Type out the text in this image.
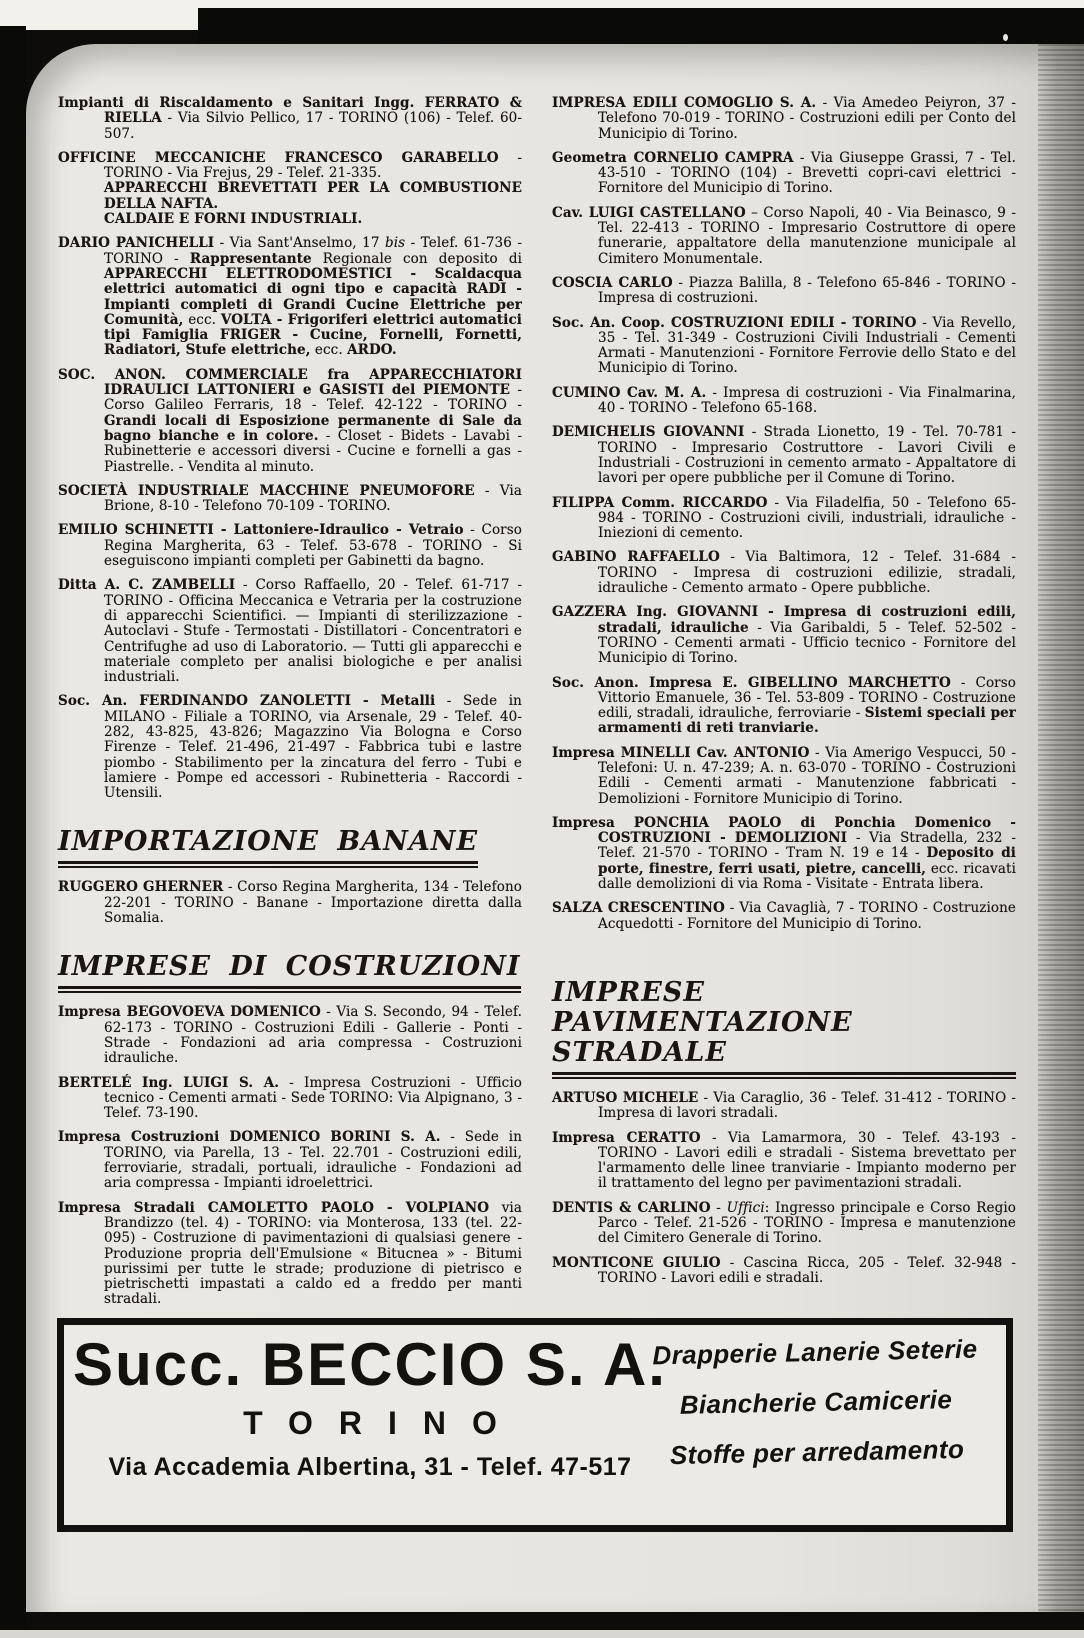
Impianti di Riscaldamento e Sanitari Ingg. FERRATO & RIELLA - Via Silvio Pellico, 17 - TORINO (106) - Telef. 60-507.

OFFICINE MECCANICHE FRANCESCO GARABELLO - TORINO - Via Frejus, 29 - Telef. 21-335.
APPARECCHI BREVETTATI PER LA COMBUSTIONE DELLA NAFTA.
CALDAIE E FORNI INDUSTRIALI.

DARIO PANICHELLI - Via Sant'Anselmo, 17 bis - Telef. 61-736 - TORINO - Rappresentante Regionale con deposito di APPARECCHI ELETTRODOMESTICI - Scaldacqua elettrici automatici di ogni tipo e capacità RADI - Impianti completi di Grandi Cucine Elettriche per Comunità, ecc. VOLTA - Frigoriferi elettrici automatici tipi Famiglia FRIGER - Cucine, Fornelli, Fornetti, Radiatori, Stufe elettriche, ecc. ARDO.

SOC. ANON. COMMERCIALE fra APPARECCHIATORI IDRAULICI LATTONIERI e GASISTI del PIEMONTE - Corso Galileo Ferraris, 18 - Telef. 42-122 - TORINO - Grandi locali di Esposizione permanente di Sale da bagno bianche e in colore. - Closet - Bidets - Lavabi - Rubinetterie e accessori diversi - Cucine e fornelli a gas - Piastrelle. - Vendita al minuto.

SOCIETÀ INDUSTRIALE MACCHINE PNEUMOFORE - Via Brione, 8-10 - Telefono 70-109 - TORINO.

EMILIO SCHINETTI - Lattoniere-Idraulico - Vetraio - Corso Regina Margherita, 63 - Telef. 53-678 - TORINO - Si eseguiscono impianti completi per Gabinetti da bagno.

Ditta A. C. ZAMBELLI - Corso Raffaello, 20 - Telef. 61-717 - TORINO - Officina Meccanica e Vetraria per la costruzione di apparecchi Scientifici. — Impianti di sterilizzazione - Autoclavi - Stufe - Termostati - Distillatori - Concentratori e Centrifughe ad uso di Laboratorio. — Tutti gli apparecchi e materiale completo per analisi biologiche e per analisi industriali.

Soc. An. FERDINANDO ZANOLETTI - Metalli - Sede in MILANO - Filiale a TORINO, via Arsenale, 29 - Telef. 40-282, 43-825, 43-826; Magazzino Via Bologna e Corso Firenze - Telef. 21-496, 21-497 - Fabbrica tubi e lastre piombo - Stabilimento per la zincatura del ferro - Tubi e lamiere - Pompe ed accessori - Rubinetteria - Raccordi - Utensili.

IMPORTAZIONE BANANE

RUGGERO GHERNER - Corso Regina Margherita, 134 - Telefono 22-201 - TORINO - Banane - Importazione diretta dalla Somalia.

IMPRESE DI COSTRUZIONI

Impresa BEGOVOEVA DOMENICO - Via S. Secondo, 94 - Telef. 62-173 - TORINO - Costruzioni Edili - Gallerie - Ponti - Strade - Fondazioni ad aria compressa - Costruzioni idrauliche.

BERTELÉ Ing. LUIGI S. A. - Impresa Costruzioni - Ufficio tecnico - Cementi armati - Sede TORINO: Via Alpignano, 3 - Telef. 73-190.

Impresa Costruzioni DOMENICO BORINI S. A. - Sede in TORINO, via Parella, 13 - Tel. 22.701 - Costruzioni edili, ferroviarie, stradali, portuali, idrauliche - Fondazioni ad aria compressa - Impianti idroelettrici.

Impresa Stradali CAMOLETTO PAOLO - VOLPIANO via Brandizzo (tel. 4) - TORINO: via Monterosa, 133 (tel. 22-095) - Costruzione di pavimentazioni di qualsiasi genere - Produzione propria dell'Emulsione « Bitucnea » - Bitumi purissimi per tutte le strade; produzione di pietrisco e pietrischetti impastati a caldo ed a freddo per manti stradali.

IMPRESA EDILI COMOGLIO S. A. - Via Amedeo Peiyron, 37 - Telefono 70-019 - TORINO - Costruzioni edili per Conto del Municipio di Torino.

Geometra CORNELIO CAMPRA - Via Giuseppe Grassi, 7 - Tel. 43-510 - TORINO (104) - Brevetti copri-cavi elettrici - Fornitore del Municipio di Torino.

Cav. LUIGI CASTELLANO – Corso Napoli, 40 - Via Beinasco, 9 - Tel. 22-413 - TORINO - Impresario Costruttore di opere funerarie, appaltatore della manutenzione municipale al Cimitero Monumentale.

COSCIA CARLO - Piazza Balilla, 8 - Telefono 65-846 - TORINO - Impresa di costruzioni.

Soc. An. Coop. COSTRUZIONI EDILI - TORINO - Via Revello, 35 - Tel. 31-349 - Costruzioni Civili Industriali - Cementi Armati - Manutenzioni - Fornitore Ferrovie dello Stato e del Municipio di Torino.

CUMINO Cav. M. A. - Impresa di costruzioni - Via Finalmarina, 40 - TORINO - Telefono 65-168.

DEMICHELIS GIOVANNI - Strada Lionetto, 19 - Tel. 70-781 - TORINO - Impresario Costruttore - Lavori Civili e Industriali - Costruzioni in cemento armato - Appaltatore di lavori per opere pubbliche per il Comune di Torino.

FILIPPA Comm. RICCARDO - Via Filadelfia, 50 - Telefono 65-984 - TORINO - Costruzioni civili, industriali, idrauliche - Iniezioni di cemento.

GABINO RAFFAELLO - Via Baltimora, 12 - Telef. 31-684 - TORINO - Impresa di costruzioni edilizie, stradali, idrauliche - Cemento armato - Opere pubbliche.

GAZZERA Ing. GIOVANNI - Impresa di costruzioni edili, stradali, idrauliche - Via Garibaldi, 5 - Telef. 52-502 - TORINO - Cementi armati - Ufficio tecnico - Fornitore del Municipio di Torino.

Soc. Anon. Impresa E. GIBELLINO MARCHETTO - Corso Vittorio Emanuele, 36 - Tel. 53-809 - TORINO - Costruzione edili, stradali, idrauliche, ferroviarie - Sistemi speciali per armamenti di reti tranviarie.

Impresa MINELLI Cav. ANTONIO - Via Amerigo Vespucci, 50 - Telefoni: U. n. 47-239; A. n. 63-070 - TORINO - Costruzioni Edili - Cementi armati - Manutenzione fabbricati - Demolizioni - Fornitore Municipio di Torino.

Impresa PONCHIA PAOLO di Ponchia Domenico - COSTRUZIONI - DEMOLIZIONI - Via Stradella, 232 - Telef. 21-570 - TORINO - Tram N. 19 e 14 - Deposito di porte, finestre, ferri usati, pietre, cancelli, ecc. ricavati dalle demolizioni di via Roma - Visitate - Entrata libera.

SALZA CRESCENTINO - Via Cavaglià, 7 - TORINO - Costruzione Acquedotti - Fornitore del Municipio di Torino.

IMPRESE PAVIMENTAZIONE STRADALE

ARTUSO MICHELE - Via Caraglio, 36 - Telef. 31-412 - TORINO - Impresa di lavori stradali.

Impresa CERATTO - Via Lamarmora, 30 - Telef. 43-193 - TORINO - Lavori edili e stradali - Sistema brevettato per l'armamento delle linee tranviarie - Impianto moderno per il trattamento del legno per pavimentazioni stradali.

DENTIS & CARLINO - Uffici: Ingresso principale e Corso Regio Parco - Telef. 21-526 - TORINO - Impresa e manutenzione del Cimitero Generale di Torino.

MONTICONE GIULIO - Cascina Ricca, 205 - Telef. 32-948 - TORINO - Lavori edili e stradali.

Succ. BECCIO S. A.
TORINO
Via Accademia Albertina, 31 - Telef. 47-517
Drapperie Lanerie Seterie
Biancherie Camicerie
Stoffe per arredamento
